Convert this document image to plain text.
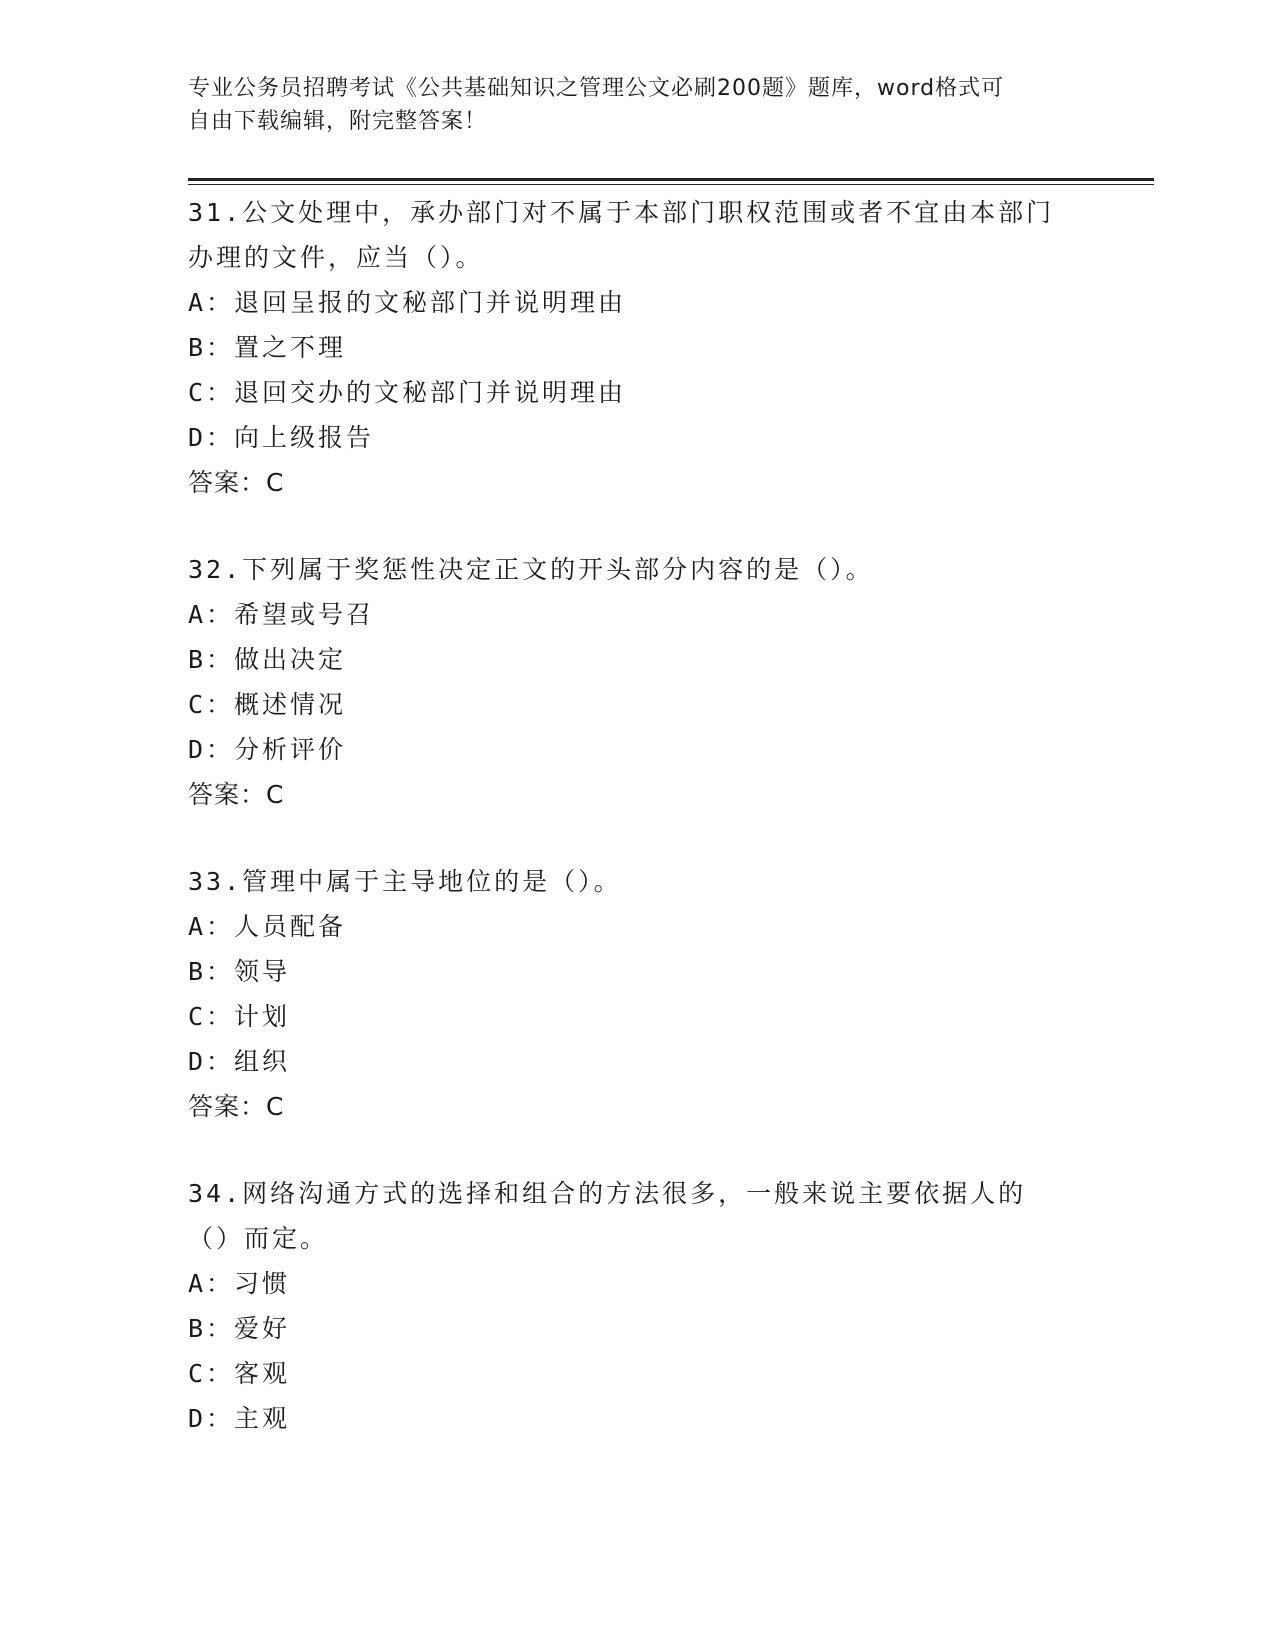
专业公务员招聘考试《公共基础知识之管理公文必刷200题》题库，word格式可
自由下载编辑，附完整答案！
31.公文处理中，承办部门对不属于本部门职权范围或者不宜由本部门办理的文件，应当（）。
A：退回呈报的文秘部门并说明理由
B：置之不理
C：退回交办的文秘部门并说明理由
D：向上级报告
答案：C
32.下列属于奖惩性决定正文的开头部分内容的是（）。
A：希望或号召
B：做出决定
C：概述情况
D：分析评价
答案：C
33.管理中属于主导地位的是（）。
A：人员配备
B：领导
C：计划
D：组织
答案：C
34.网络沟通方式的选择和组合的方法很多，一般来说主要依据人的（）而定。
A：习惯
B：爱好
C：客观
D：主观
